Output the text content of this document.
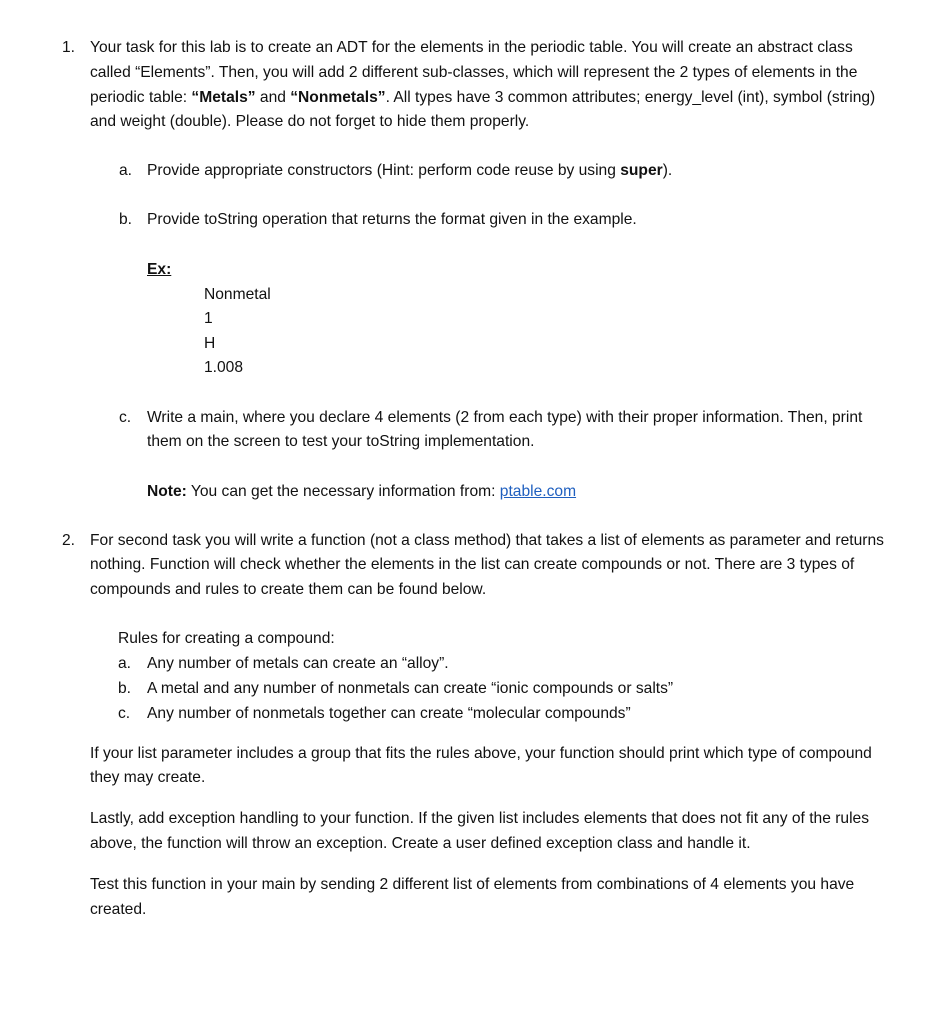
1. Your task for this lab is to create an ADT for the elements in the periodic table. You will create an abstract class
called “Elements”. Then, you will add 2 different sub-classes, which will represent the 2 types of elements in the
periodic table: “Metals” and “Nonmetals”. All types have 3 common attributes; energy_level (int), symbol (string)
and weight (double). Please do not forget to hide them properly.
a. Provide appropriate constructors (Hint: perform code reuse by using super).
b. Provide toString operation that returns the format given in the example.
Ex:
Nonmetal
1
H
1.008
c. Write a main, where you declare 4 elements (2 from each type) with their proper information. Then, print
them on the screen to test your toString implementation.
Note: You can get the necessary information from: ptable.com
2. For second task you will write a function (not a class method) that takes a list of elements as parameter and returns
nothing. Function will check whether the elements in the list can create compounds or not. There are 3 types of
compounds and rules to create them can be found below.
Rules for creating a compound:
a. Any number of metals can create an “alloy”.
b. A metal and any number of nonmetals can create “ionic compounds or salts”
c. Any number of nonmetals together can create “molecular compounds”
If your list parameter includes a group that fits the rules above, your function should print which type of compound
they may create.
Lastly, add exception handling to your function. If the given list includes elements that does not fit any of the rules
above, the function will throw an exception. Create a user defined exception class and handle it.
Test this function in your main by sending 2 different list of elements from combinations of 4 elements you have
created.
